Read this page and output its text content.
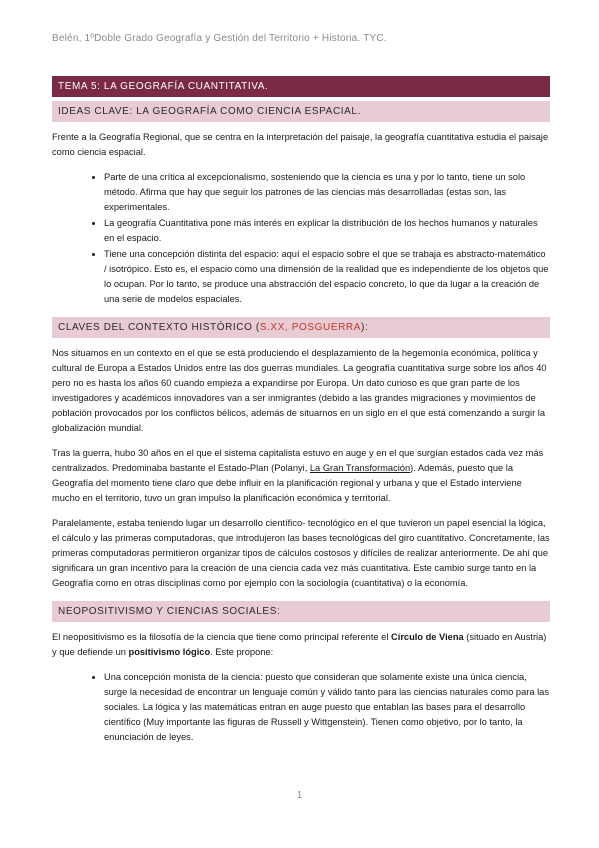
Belén, 1ºDoble Grado Geografía y Gestión del Territorio + Historia. TYC.
TEMA 5: LA GEOGRAFÍA CUANTITATIVA.
IDEAS CLAVE: LA GEOGRAFÍA COMO CIENCIA ESPACIAL.

Frente a la Geografía Regional, que se centra en la interpretación del paisaje, la geografía cuantitativa estudia el paisaje como ciencia espacial.

• Parte de una crítica al excepcionalismo, sosteniendo que la ciencia es una y por lo tanto, tiene un solo método. Afirma que hay que seguir los patrones de las ciencias más desarrolladas (estas son, las experimentales.
• La geografía Cuantitativa pone más interés en explicar la distribución de los hechos humanos y naturales en el espacio.
• Tiene una concepción distinta del espacio: aquí el espacio sobre el que se trabaja es abstracto-matemático / isotrópico. Esto es, el espacio como una dimensión de la realidad que es independiente de los objetos que lo ocupan. Por lo tanto, se produce una abstracción del espacio concreto, lo que da lugar a la creación de una serie de modelos espaciales.
CLAVES DEL CONTEXTO HISTÓRICO (S.XX, POSGUERRA):

Nos situamos en un contexto en el que se está produciendo el desplazamiento de la hegemonía económica, política y cultural de Europa a Estados Unidos entre las dos guerras mundiales. La geografía cuantitativa surge sobre los años 40 pero no es hasta los años 60 cuando empieza a expandirse por Europa. Un dato curioso es que gran parte de los investigadores y académicos innovadores van a ser inmigrantes (debido a las grandes migraciones y movimientos de población provocados por los conflictos bélicos, además de situarnos en un siglo en el que está comenzando a surgir la globalización mundial.

Tras la guerra, hubo 30 años en el que el sistema capitalista estuvo en auge y en el que surgían estados cada vez más centralizados. Predominaba bastante el Estado-Plan (Polanyi, La Gran Transformación). Además, puesto que la Geografía del momento tiene claro que debe influir en la planificación regional y urbana y que el Estado interviene mucho en el territorio, tuvo un gran impulso la planificación económica y territorial.

Paralelamente, estaba teniendo lugar un desarrollo científico- tecnológico en el que tuvieron un papel esencial la lógica, el cálculo y las primeras computadoras, que introdujeron las bases tecnológicas del giro cuantitativo. Concretamente, las primeras computadoras permitieron organizar tipos de cálculos costosos y difíciles de realizar anteriormente. De ahí que significara un gran incentivo para la creación de una ciencia cada vez más cuantitativa. Este cambio surge tanto en la Geografía como en otras disciplinas como por ejemplo con la sociología (cuantitativa) o la economía.

NEOPOSITIVISMO Y CIENCIAS SOCIALES:

El neopositivismo es la filosofía de la ciencia que tiene como principal referente el Círculo de Viena (situado en Austria) y que defiende un positivismo lógico. Este propone:

• Una concepción monista de la ciencia: puesto que consideran que solamente existe una única ciencia, surge la necesidad de encontrar un lenguaje común y válido tanto para las ciencias naturales como para las sociales. La lógica y las matemáticas entran en auge puesto que entablan las bases para el desarrollo científico (Muy importante las figuras de Russell y Wittgenstein). Tienen como objetivo, por lo tanto, la enunciación de leyes.
1
